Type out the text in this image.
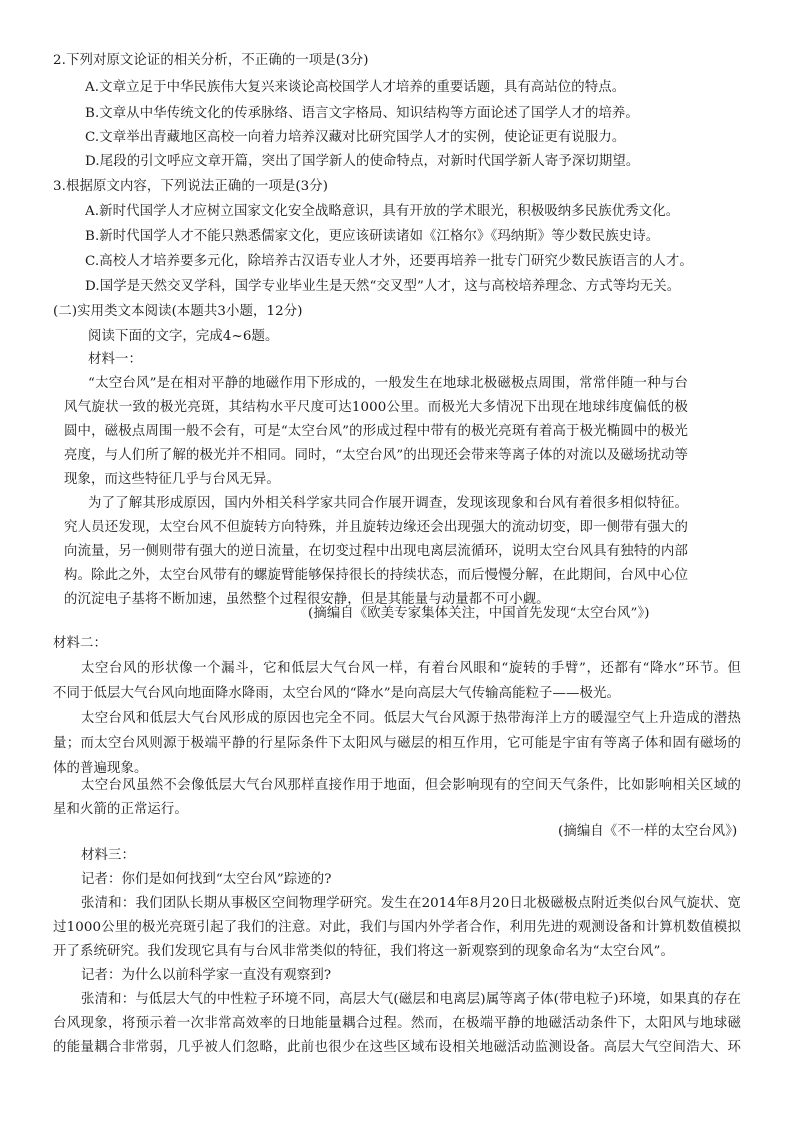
2.下列对原文论证的相关分析，不正确的一项是(3分)
A.文章立足于中华民族伟大复兴来谈论高校国学人才培养的重要话题，具有高站位的特点。
B.文章从中华传统文化的传承脉络、语言文字格局、知识结构等方面论述了国学人才的培养。
C.文章举出青藏地区高校一向着力培养汉藏对比研究国学人才的实例，使论证更有说服力。
D.尾段的引文呼应文章开篇，突出了国学新人的使命特点，对新时代国学新人寄予深切期望。
3.根据原文内容，下列说法正确的一项是(3分)
A.新时代国学人才应树立国家文化安全战略意识，具有开放的学术眼光，积极吸纳多民族优秀文化。
B.新时代国学人才不能只熟悉儒家文化，更应该研读诸如《江格尔》《玛纳斯》等少数民族史诗。
C.高校人才培养要多元化，除培养古汉语专业人才外，还要再培养一批专门研究少数民族语言的人才。
D.国学是天然交叉学科，国学专业毕业生是天然“交叉型”人才，这与高校培养理念、方式等均无关。
(二)实用类文本阅读(本题共3小题，12分)
阅读下面的文字，完成4~6题。
材料一：
“太空台风”是在相对平静的地磁作用下形成的，一般发生在地球北极磁极点周围，常常伴随一种与台
风气旋状一致的极光亮斑，其结构水平尺度可达1000公里。而极光大多情况下出现在地球纬度偏低的极
圆中，磁极点周围一般不会有，可是“太空台风”的形成过程中带有的极光亮斑有着高于极光椭圆中的极光
亮度，与人们所了解的极光并不相同。同时，“太空台风”的出现还会带来等离子体的对流以及磁场扰动等
现象，而这些特征几乎与台风无异。
为了了解其形成原因，国内外相关科学家共同合作展开调查，发现该现象和台风有着很多相似特征。
究人员还发现，太空台风不但旋转方向特殊，并且旋转边缘还会出现强大的流动切变，即一侧带有强大的
向流量，另一侧则带有强大的逆日流量，在切变过程中出现电离层流循环，说明太空台风具有独特的内部
构。除此之外，太空台风带有的螺旋臂能够保持很长的持续状态，而后慢慢分解，在此期间，台风中心位
的沉淀电子基将不断加速，虽然整个过程很安静，但是其能量与动量都不可小觑。
(摘编自《欧美专家集体关注，中国首先发现“太空台风”》)
材料二：
太空台风的形状像一个漏斗，它和低层大气台风一样，有着台风眼和“旋转的手臂”，还都有“降水”环节。但
不同于低层大气台风向地面降水降雨，太空台风的“降水”是向高层大气传输高能粒子——极光。
太空台风和低层大气台风形成的原因也完全不同。低层大气台风源于热带海洋上方的暖湿空气上升造成的潜热
量；而太空台风则源于极端平静的行星际条件下太阳风与磁层的相互作用，它可能是宇宙有等离子体和固有磁场的
体的普遍现象。
太空台风虽然不会像低层大气台风那样直接作用于地面，但会影响现有的空间天气条件，比如影响相关区域的
星和火箭的正常运行。
(摘编自《不一样的太空台风》)
材料三：
记者：你们是如何找到“太空台风”踪迹的?
张清和：我们团队长期从事极区空间物理学研究。发生在2014年8月20日北极磁极点附近类似台风气旋状、宽
过1000公里的极光亮斑引起了我们的注意。对此，我们与国内外学者合作，利用先进的观测设备和计算机数值模拟
开了系统研究。我们发现它具有与台风非常类似的特征，我们将这一新观察到的现象命名为“太空台风”。
记者：为什么以前科学家一直没有观察到?
张清和：与低层大气的中性粒子环境不同，高层大气(磁层和电离层)属等离子体(带电粒子)环境，如果真的存在
台风现象，将预示着一次非常高效率的日地能量耦合过程。然而，在极端平静的地磁活动条件下，太阳风与地球磁
的能量耦合非常弱，几乎被人们忽略，此前也很少在这些区域布设相关地磁活动监测设备。高层大气空间浩大、环
